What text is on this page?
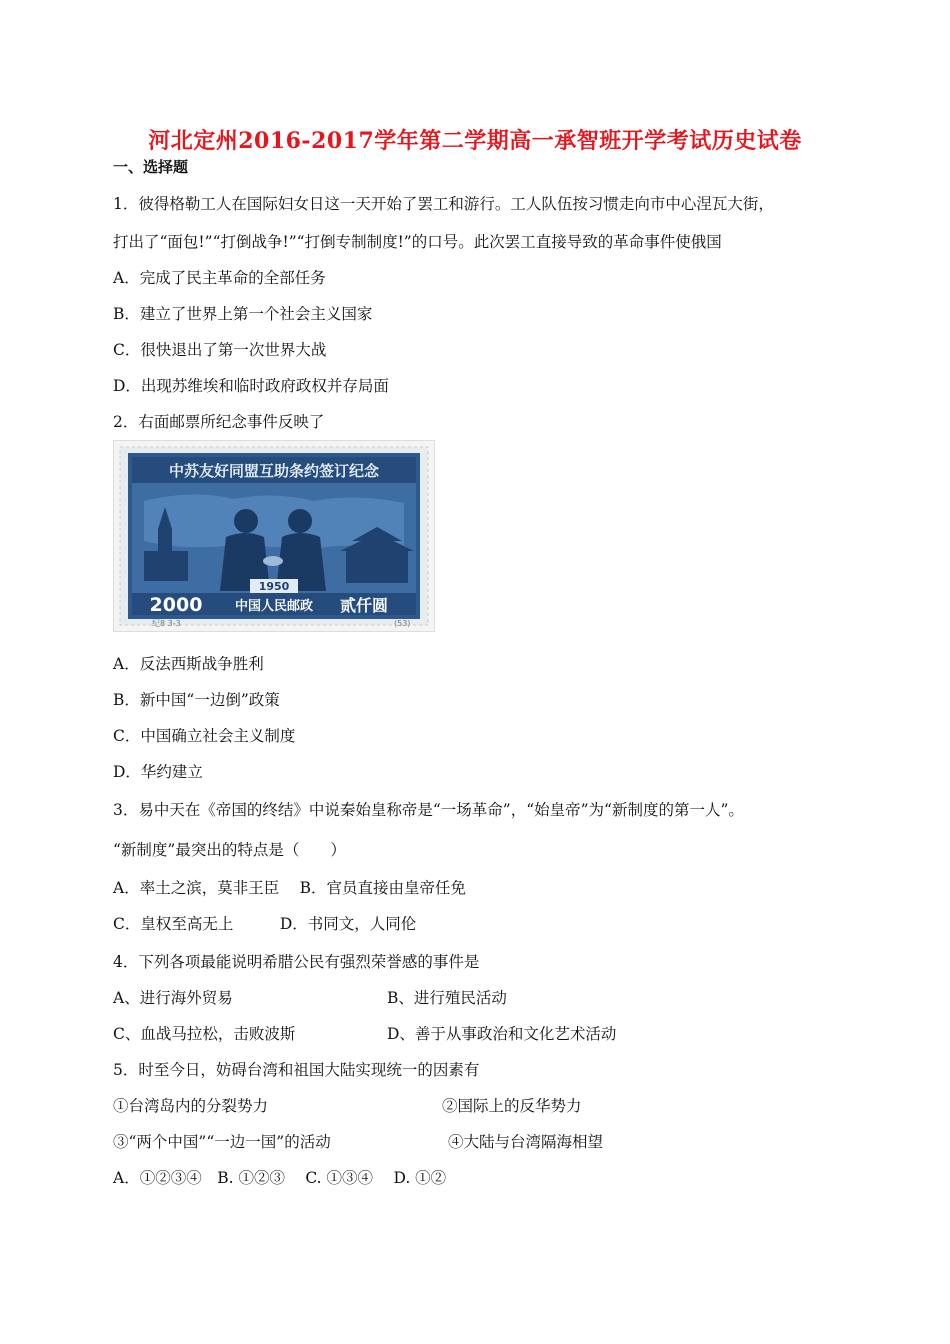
河北定州2016-2017学年第二学期高一承智班开学考试历史试卷
一、选择题
1．彼得格勒工人在国际妇女日这一天开始了罢工和游行。工人队伍按习惯走向市中心涅瓦大街，
打出了“面包!”“打倒战争!”“打倒专制制度!”的口号。此次罢工直接导致的革命事件使俄国
A．完成了民主革命的全部任务
B．建立了世界上第一个社会主义国家
C．很快退出了第一次世界大战
D．出现苏维埃和临时政府政权并存局面
2．右面邮票所纪念事件反映了
中苏友好同盟互助条约签订纪念
1950
2000	中国人民邮政 贰仟圆
纪8 3-3	(53)
A．反法西斯战争胜利
B．新中国“一边倒”政策
C．中国确立社会主义制度
D．华约建立
3．易中天在《帝国的终结》中说秦始皇称帝是“一场革命”，“始皇帝”为“新制度的第一人”。
“新制度”最突出的特点是（　　）
A．率土之滨，莫非王臣　 B．官员直接由皇帝任免
C．皇权至高无上　　　D．书同文，人同伦
4．下列各项最能说明希腊公民有强烈荣誉感的事件是
A、进行海外贸易	B、进行殖民活动
C、血战马拉松，击败波斯	D、善于从事政治和文化艺术活动
5．时至今日，妨碍台湾和祖国大陆实现统一的因素有
①台湾岛内的分裂势力	②国际上的反华势力
③“两个中国”“一边一国”的活动	④大陆与台湾隔海相望
A．①②③④　B. ①②③　 C. ①③④　 D. ①②
